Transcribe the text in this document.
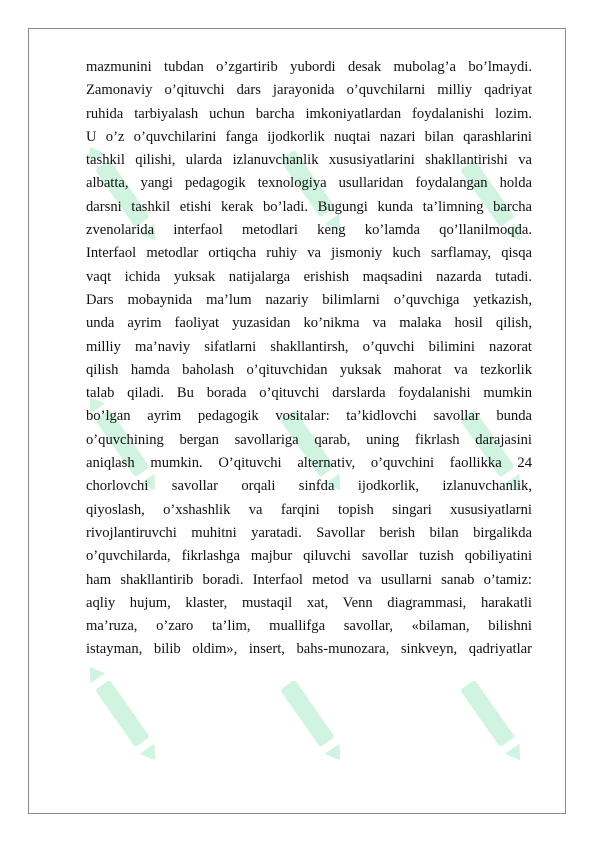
mazmunini tubdan o’zgartirib yubordi desak mubolag’a bo’lmaydi.
Zamonaviy o’qituvchi dars jarayonida o’quvchilarni milliy qadriyat
ruhida tarbiyalash uchun barcha imkoniyatlardan foydalanishi lozim.
U o’z o’quvchilarini fanga ijodkorlik nuqtai nazari bilan qarashlarini
tashkil qilishi, ularda izlanuvchanlik xususiyatlarini shakllantirishi va
albatta, yangi pedagogik texnologiya usullaridan foydalangan holda
darsni tashkil etishi kerak bo’ladi. Bugungi kunda ta’limning barcha
zvenolarida interfaol metodlari keng ko’lamda qo’llanilmoqda.
Interfaol metodlar ortiqcha ruhiy va jismoniy kuch sarflamay, qisqa
vaqt ichida yuksak natijalarga erishish maqsadini nazarda tutadi.
Dars mobaynida ma’lum nazariy bilimlarni o’quvchiga yetkazish,
unda ayrim faoliyat yuzasidan ko’nikma va malaka hosil qilish,
milliy ma’naviy sifatlarni shakllantirsh, o’quvchi bilimini nazorat
qilish hamda baholash o’qituvchidan yuksak mahorat va tezkorlik
talab qiladi. Bu borada o’qituvchi darslarda foydalanishi mumkin
bo’lgan ayrim pedagogik vositalar: ta’kidlovchi savollar bunda
o’quvchining bergan savollariga qarab, uning fikrlash darajasini
aniqlash mumkin. O’qituvchi alternativ, o’quvchini faollikka 24
chorlovchi savollar orqali sinfda ijodkorlik, izlanuvchanlik,
qiyoslash, o’xshashlik va farqini topish singari xususiyatlarni
rivojlantiruvchi muhitni yaratadi. Savollar berish bilan birgalikda
o’quvchilarda, fikrlashga majbur qiluvchi savollar tuzish qobiliyatini
ham shakllantirib boradi. Interfaol metod va usullarni sanab o’tamiz:
aqliy hujum, klaster, mustaqil xat, Venn diagrammasi, harakatli
ma’ruza, o’zaro ta’lim, muallifga savollar, «bilaman, bilishni
istayman, bilib oldim», insert, bahs-munozara, sinkveyn, qadriyatlar
